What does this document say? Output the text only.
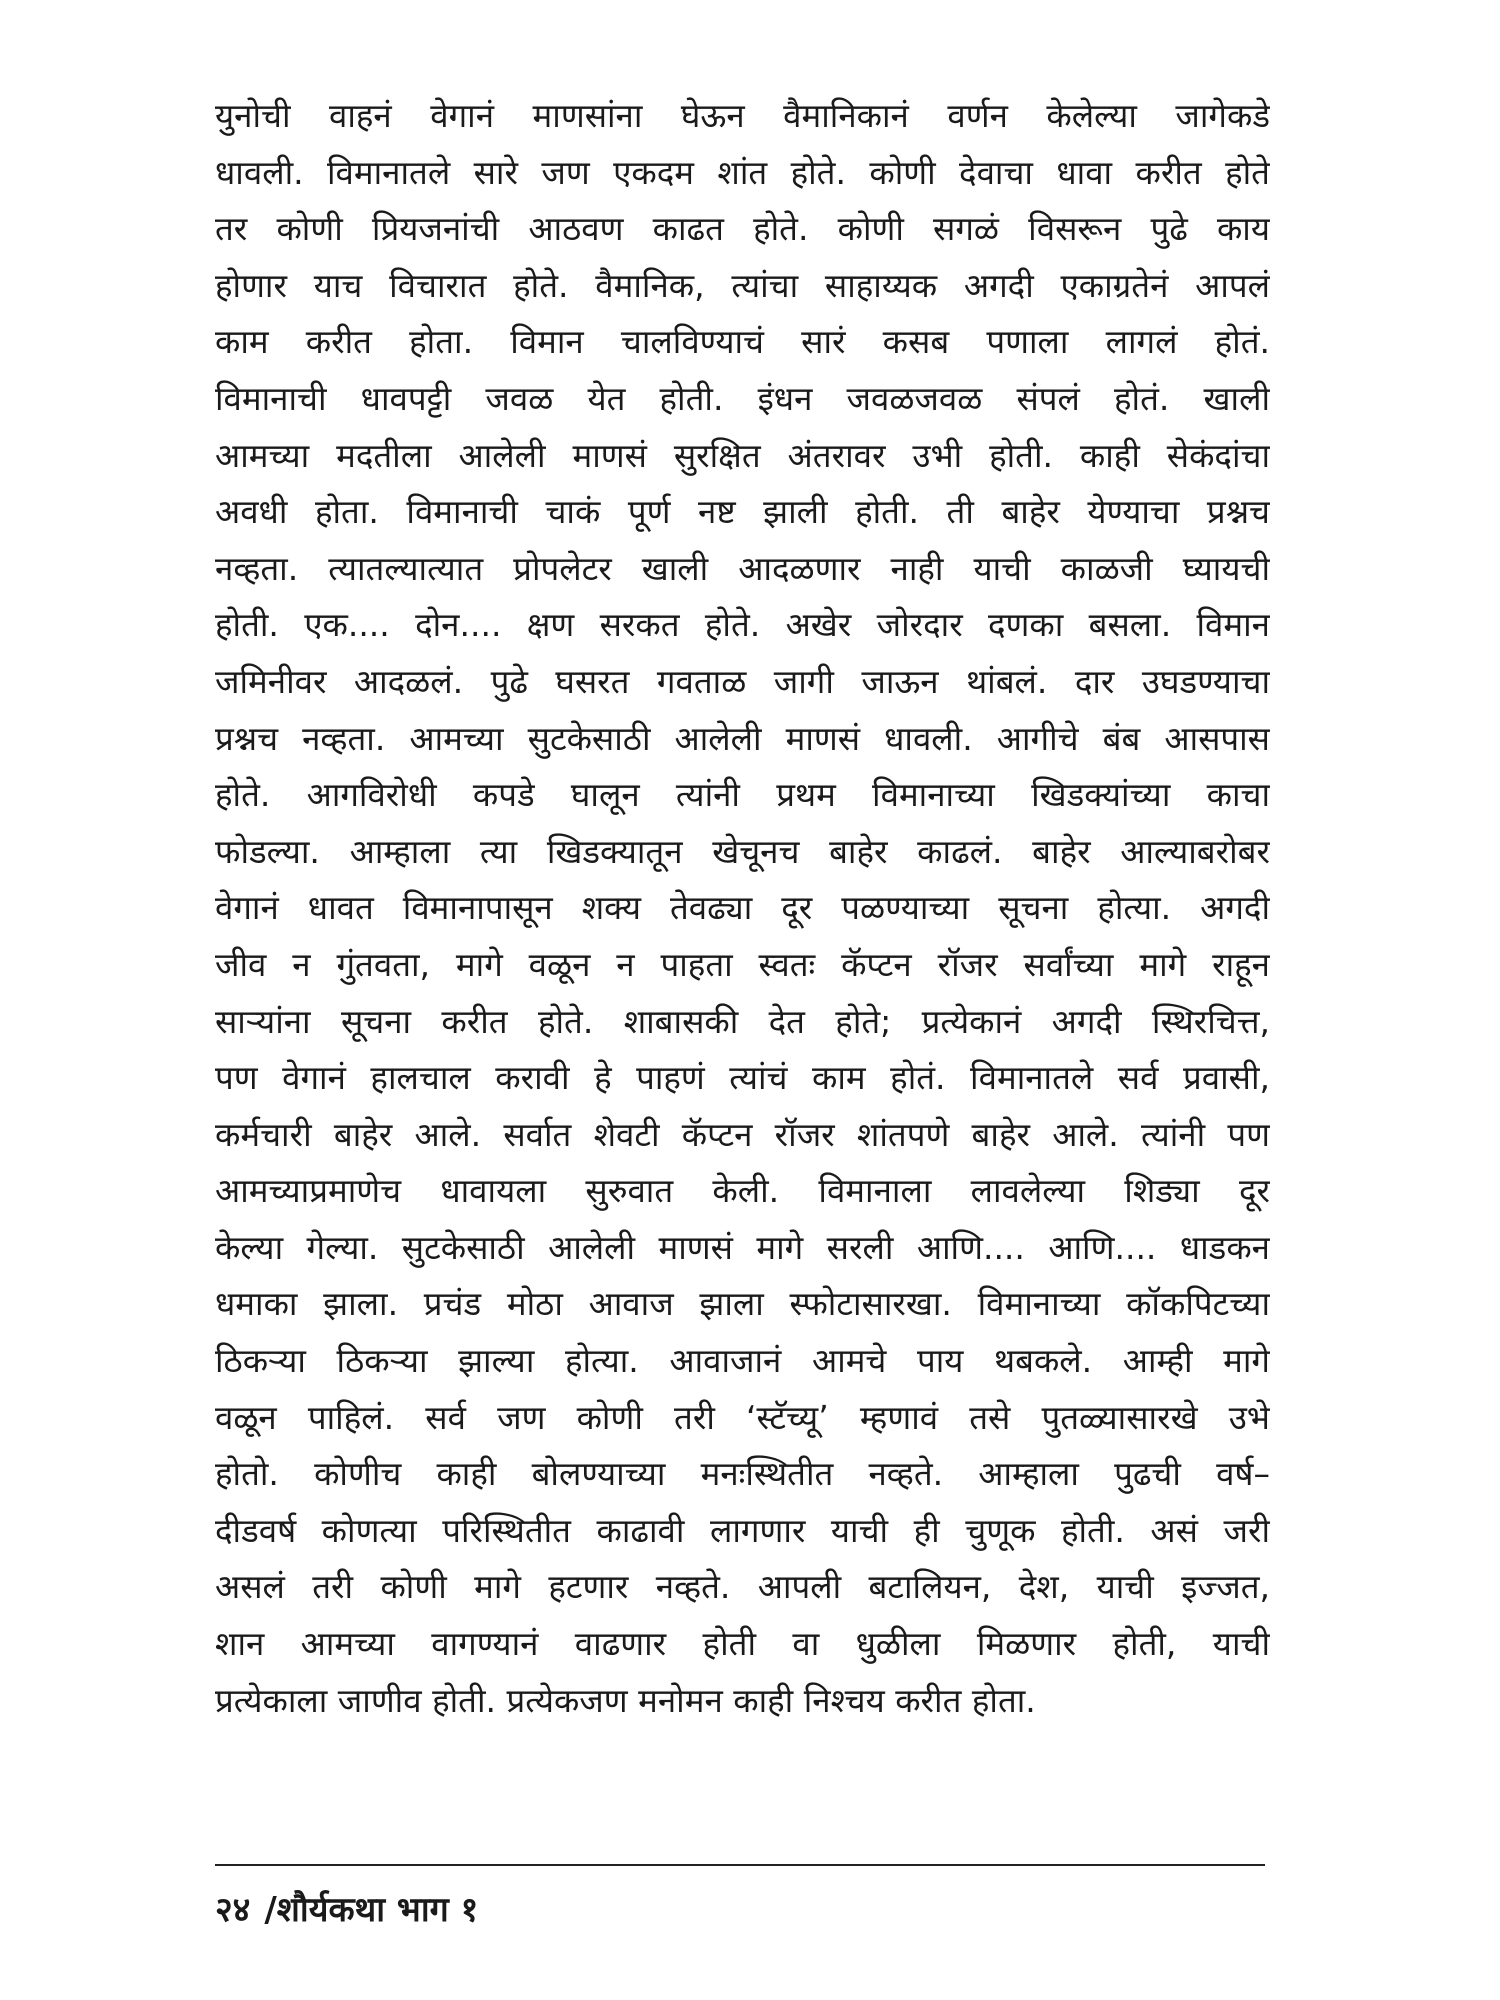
युनोची वाहनं वेगानं माणसांना घेऊन वैमानिकानं वर्णन केलेल्या जागेकडे
धावली. विमानातले सारे जण एकदम शांत होते. कोणी देवाचा धावा करीत होते
तर कोणी प्रियजनांची आठवण काढत होते. कोणी सगळं विसरून पुढे काय
होणार याच विचारात होते. वैमानिक, त्यांचा साहाय्यक अगदी एकाग्रतेनं आपलं
काम करीत होता. विमान चालविण्याचं सारं कसब पणाला लागलं होतं.
विमानाची धावपट्टी जवळ येत होती. इंधन जवळजवळ संपलं होतं. खाली
आमच्या मदतीला आलेली माणसं सुरक्षित अंतरावर उभी होती. काही सेकंदांचा
अवधी होता. विमानाची चाकं पूर्ण नष्ट झाली होती. ती बाहेर येण्याचा प्रश्नच
नव्हता. त्यातल्यात्यात प्रोपलेटर खाली आदळणार नाही याची काळजी घ्यायची
होती. एक.... दोन.... क्षण सरकत होते. अखेर जोरदार दणका बसला. विमान
जमिनीवर आदळलं. पुढे घसरत गवताळ जागी जाऊन थांबलं. दार उघडण्याचा
प्रश्नच नव्हता. आमच्या सुटकेसाठी आलेली माणसं धावली. आगीचे बंब आसपास
होते. आगविरोधी कपडे घालून त्यांनी प्रथम विमानाच्या खिडक्यांच्या काचा
फोडल्या. आम्हाला त्या खिडक्यातून खेचूनच बाहेर काढलं. बाहेर आल्याबरोबर
वेगानं धावत विमानापासून शक्य तेवढ्या दूर पळण्याच्या सूचना होत्या. अगदी
जीव न गुंतवता, मागे वळून न पाहता स्वतः कॅप्टन रॉजर सर्वांच्या मागे राहून
सार्‍यांना सूचना करीत होते. शाबासकी देत होते; प्रत्येकानं अगदी स्थिरचित्त,
पण वेगानं हालचाल करावी हे पाहणं त्यांचं काम होतं. विमानातले सर्व प्रवासी,
कर्मचारी बाहेर आले. सर्वात शेवटी कॅप्टन रॉजर शांतपणे बाहेर आले. त्यांनी पण
आमच्याप्रमाणेच धावायला सुरुवात केली. विमानाला लावलेल्या शिड्या दूर
केल्या गेल्या. सुटकेसाठी आलेली माणसं मागे सरली आणि.... आणि.... धाडकन
धमाका झाला. प्रचंड मोठा आवाज झाला स्फोटासारखा. विमानाच्या कॉकपिटच्या
ठिकर्‍या ठिकर्‍या झाल्या होत्या. आवाजानं आमचे पाय थबकले. आम्ही मागे
वळून पाहिलं. सर्व जण कोणी तरी ‘स्टॅच्यू’ म्हणावं तसे पुतळ्यासारखे उभे
होतो. कोणीच काही बोलण्याच्या मनःस्थितीत नव्हते. आम्हाला पुढची वर्ष–
दीडवर्ष कोणत्या परिस्थितीत काढावी लागणार याची ही चुणूक होती. असं जरी
असलं तरी कोणी मागे हटणार नव्हते. आपली बटालियन, देश, याची इज्जत,
शान आमच्या वागण्यानं वाढणार होती वा धुळीला मिळणार होती, याची
प्रत्येकाला जाणीव होती. प्रत्येकजण मनोमन काही निश्चय करीत होता.
२४ /शौर्यकथा भाग १
